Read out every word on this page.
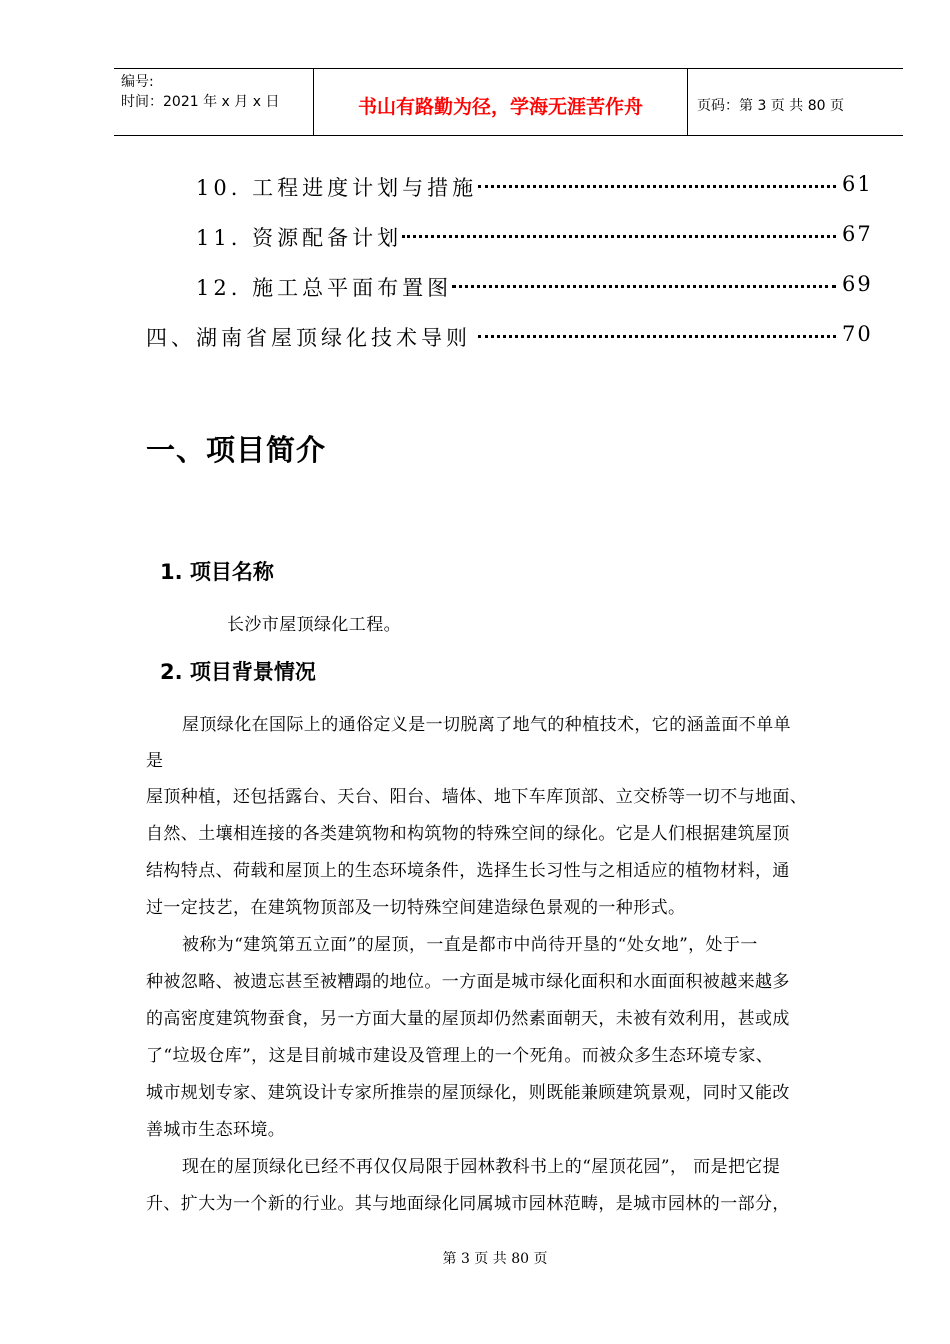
编号:
时间：2021 年 x 月 x 日	书山有路勤为径，学海无涯苦作舟	页码：第 3 页 共 80 页
10. 工程进度计划与措施	61
11. 资源配备计划	67
12. 施工总平面布置图	69
四、湖南省屋顶绿化技术导则	70
一、项目简介
1. 项目名称
长沙市屋顶绿化工程。
2. 项目背景情况
屋顶绿化在国际上的通俗定义是一切脱离了地气的种植技术，它的涵盖面不单单
是
屋顶种植，还包括露台、天台、阳台、墙体、地下车库顶部、立交桥等一切不与地面、
自然、土壤相连接的各类建筑物和构筑物的特殊空间的绿化。它是人们根据建筑屋顶
结构特点、荷载和屋顶上的生态环境条件，选择生长习性与之相适应的植物材料，通
过一定技艺，在建筑物顶部及一切特殊空间建造绿色景观的一种形式。
被称为“建筑第五立面”的屋顶，一直是都市中尚待开垦的“处女地”，处于一
种被忽略、被遗忘甚至被糟蹋的地位。一方面是城市绿化面积和水面面积被越来越多
的高密度建筑物蚕食，另一方面大量的屋顶却仍然素面朝天，未被有效利用，甚或成
了“垃圾仓库”，这是目前城市建设及管理上的一个死角。而被众多生态环境专家、
城市规划专家、建筑设计专家所推崇的屋顶绿化，则既能兼顾建筑景观，同时又能改
善城市生态环境。
现在的屋顶绿化已经不再仅仅局限于园林教科书上的“屋顶花园”， 而是把它提
升、扩大为一个新的行业。其与地面绿化同属城市园林范畴，是城市园林的一部分，
第 3 页 共 80 页
